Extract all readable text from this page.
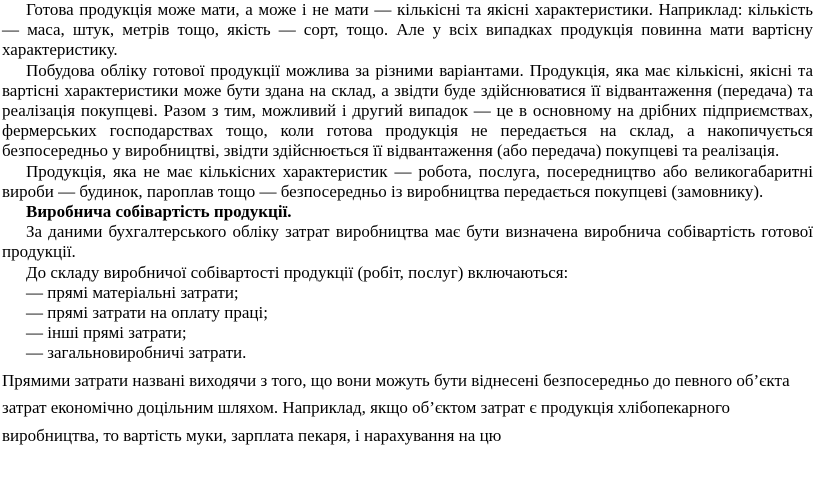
Готова продукція може мати, а може і не мати — кількісні та якісні характеристики. Наприклад: кількість — маса, штук, метрів тощо, якість — сорт, тощо. Але у всіх випадках продукція повинна мати вартісну характеристику.

Побудова обліку готової продукції можлива за різними варіантами. Продукція, яка має кількісні, якісні та вартісні характеристики може бути здана на склад, а звідти буде здійснюватися її відвантаження (передача) та реалізація покупцеві. Разом з тим, можливий і другий випадок — це в основному на дрібних підприємствах, фермерських господарствах тощо, коли готова продукція не передається на склад, а накопичується безпосередньо у виробництві, звідти здійснюється її відвантаження (або передача) покупцеві та реалізація.

Продукція, яка не має кількісних характеристик — робота, послуга, посередництво або великогабаритні вироби — будинок, пароплав тощо — безпосередньо із виробництва передається покупцеві (замовнику).

Виробнича собівартість продукції.

За даними бухгалтерського обліку затрат виробництва має бути визначена виробнича собівартість готової продукції.

До складу виробничої собівартості продукції (робіт, послуг) включаються:

— прямі матеріальні затрати;

— прямі затрати на оплату праці;

— інші прямі затрати;

— загальновиробничі затрати.

Прямими затрати названі виходячи з того, що вони можуть бути віднесені безпосередньо до певного об’єкта затрат економічно доцільним шляхом. Наприклад, якщо об’єктом затрат є продукція хлібопекарного виробництва, то вартість муки, зарплата пекаря, і нарахування на цю
